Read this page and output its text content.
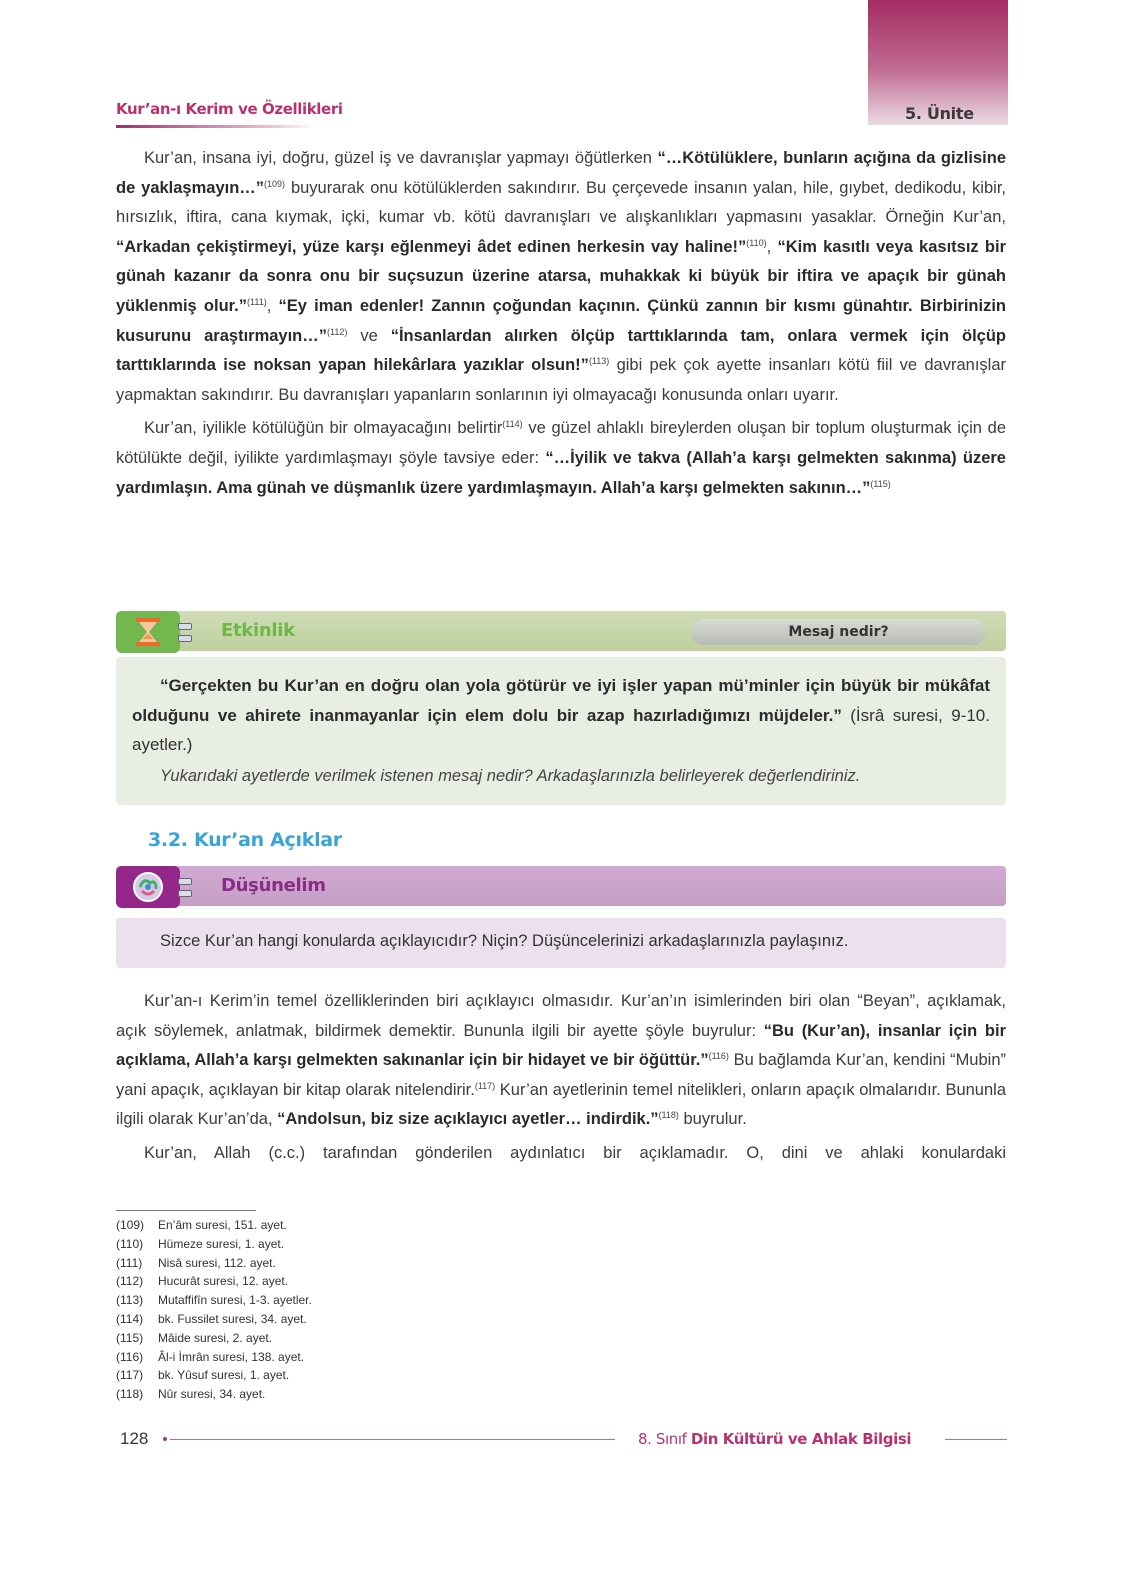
5. Ünite
Kur’an-ı Kerim ve Özellikleri

Kur’an, insana iyi, doğru, güzel iş ve davranışlar yapmayı öğütlerken “…Kötülüklere, bunların açığına da gizlisine de yaklaşmayın…”$^{(109)}$ buyurarak onu kötülüklerden sakındırır. Bu çerçevede insanın yalan, hile, gıybet, dedikodu, kibir, hırsızlık, iftira, cana kıymak, içki, kumar vb. kötü davranışları ve alışkanlıkları yapmasını yasaklar. Örneğin Kur’an, “Arkadan çekiştirmeyi, yüze karşı eğlenmeyi âdet edinen herkesin vay haline!”$^{(110)}$, “Kim kasıtlı veya kasıtsız bir günah kazanır da sonra onu bir suçsuzun üzerine atarsa, muhakkak ki büyük bir iftira ve apaçık bir günah yüklenmiş olur.”$^{(111)}$, “Ey iman edenler! Zannın çoğundan kaçının. Çünkü zannın bir kısmı günahtır. Birbirinizin kusurunu araştırmayın…”$^{(112)}$ ve “İnsanlardan alırken ölçüp tarttıklarında tam, onlara vermek için ölçüp tarttıklarında ise noksan yapan hilekârlara yazıklar olsun!”$^{(113)}$ gibi pek çok ayette insanları kötü fiil ve davranışlar yapmaktan sakındırır. Bu davranışları yapanların sonlarının iyi olmayacağı konusunda onları uyarır.

Kur’an, iyilikle kötülüğün bir olmayacağını belirtir$^{(114)}$ ve güzel ahlaklı bireylerden oluşan bir toplum oluşturmak için de kötülükte değil, iyilikte yardımlaşmayı şöyle tavsiye eder: “…İyilik ve takva (Allah’a karşı gelmekten sakınma) üzere yardımlaşın. Ama günah ve düşmanlık üzere yardımlaşmayın. Allah’a karşı gelmekten sakının…”$^{(115)}$

Etkinlik	Mesaj nedir?
“Gerçekten bu Kur’an en doğru olan yola götürür ve iyi işler yapan mü’minler için büyük bir mükâfat olduğunu ve ahirete inanmayanlar için elem dolu bir azap hazırladığımızı müjdeler.” (İsrâ suresi, 9-10. ayetler.)
Yukarıdaki ayetlerde verilmek istenen mesaj nedir? Arkadaşlarınızla belirleyerek değerlendiriniz.
3.2. Kur’an Açıklar
Düşünelim
Sizce Kur’an hangi konularda açıklayıcıdır? Niçin? Düşüncelerinizi arkadaşlarınızla paylaşınız.

Kur’an-ı Kerim’in temel özelliklerinden biri açıklayıcı olmasıdır. Kur’an’ın isimlerinden biri olan “Beyan”, açıklamak, açık söylemek, anlatmak, bildirmek demektir. Bununla ilgili bir ayette şöyle buyrulur: “Bu (Kur’an), insanlar için bir açıklama, Allah’a karşı gelmekten sakınanlar için bir hidayet ve bir öğüttür.”$^{(116)}$ Bu bağlamda Kur’an, kendini “Mubin” yani apaçık, açıklayan bir kitap olarak nitelendirir.$^{(117)}$ Kur’an ayetlerinin temel nitelikleri, onların apaçık olmalarıdır. Bununla ilgili olarak Kur’an’da, “Andolsun, biz size açıklayıcı ayetler… indirdik.”$^{(118)}$ buyrulur.

Kur’an, Allah (c.c.) tarafından gönderilen aydınlatıcı bir açıklamadır. O, dini ve ahlaki konulardaki

(109) En’âm suresi, 151. ayet.
(110) Hümeze suresi, 1. ayet.
(111) Nisâ suresi, 112. ayet.
(112) Hucurât suresi, 12. ayet.
(113) Mutaffifîn suresi, 1-3. ayetler.
(114) bk. Fussilet suresi, 34. ayet.
(115) Mâide suresi, 2. ayet.
(116) Âl-i İmrân suresi, 138. ayet.
(117) bk. Yûsuf suresi, 1. ayet.
(118) Nûr suresi, 34. ayet.
128	8. Sınıf Din Kültürü ve Ahlak Bilgisi
